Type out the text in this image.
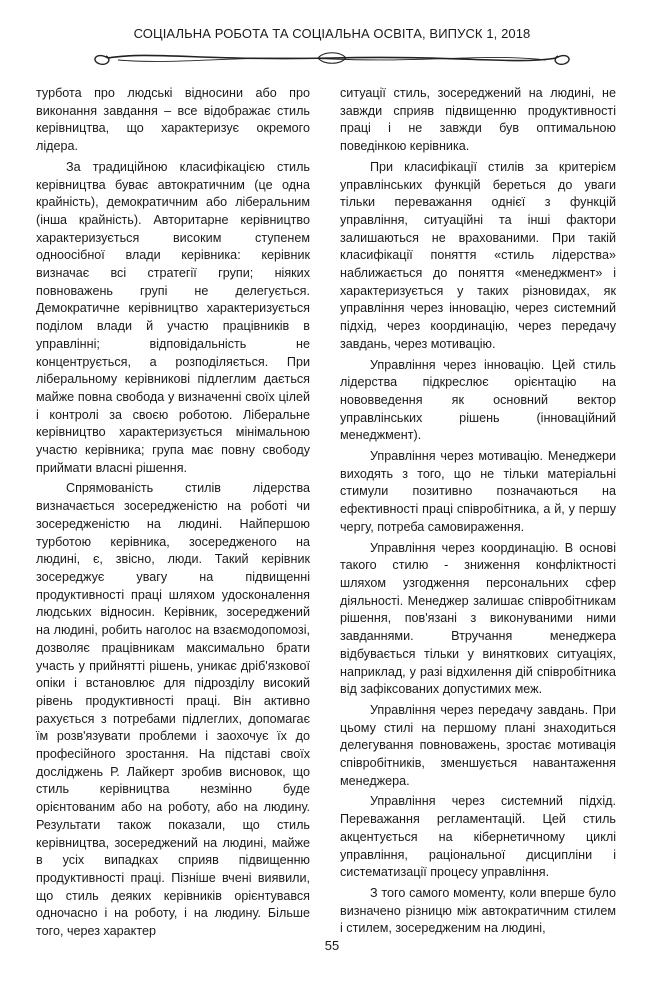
СОЦІАЛЬНА РОБОТА ТА СОЦІАЛЬНА ОСВІТА, ВИПУСК 1, 2018

турбота про людські відносини або про виконання завдання – все відображає стиль керівництва, що характеризує окремого лідера.

За традиційною класифікацією стиль керівництва буває автократичним (це одна крайність), демократичним або ліберальним (інша крайність). Авторитарне керівництво характеризується високим ступенем одноосібної влади керівника: керівник визначає всі стратегії групи; ніяких повноважень групі не делегується. Демократичне керівництво характеризується поділом влади й участю працівників в управлінні; відповідальність не концентрується, а розподіляється. При ліберальному керівникові підлеглим дається майже повна свобода у визначенні своїх цілей і контролі за своєю роботою. Ліберальне керівництво характеризується мінімальною участю керівника; група має повну свободу приймати власні рішення.

Спрямованість стилів лідерства визначається зосередженістю на роботі чи зосередженістю на людині. Найпершою турботою керівника, зосередженого на людині, є, звісно, люди. Такий керівник зосереджує увагу на підвищенні продуктивності праці шляхом удосконалення людських відносин. Керівник, зосереджений на людині, робить наголос на взаємодопомозі, дозволяє працівникам максимально брати участь у прийнятті рішень, уникає дріб'язкової опіки і встановлює для підрозділу високий рівень продуктивності праці. Він активно рахується з потребами підлеглих, допомагає їм розв'язувати проблеми і заохочує їх до професійного зростання. На підставі своїх досліджень Р. Лайкерт зробив висновок, що стиль керівництва незмінно буде орієнтованим або на роботу, або на людину. Результати також показали, що стиль керівництва, зосереджений на людині, майже в усіх випадках сприяв підвищенню продуктивності праці. Пізніше вчені виявили, що стиль деяких керівників орієнтувався одночасно і на роботу, і на людину. Більше того, через характер

ситуації стиль, зосереджений на людині, не завжди сприяв підвищенню продуктивності праці і не завжди був оптимальною поведінкою керівника.

При класифікації стилів за критерієм управлінських функцій береться до уваги тільки переважання однієї з функцій управління, ситуаційні та інші фактори залишаються не врахованими. При такій класифікації поняття «стиль лідерства» наближається до поняття «менеджмент» і характеризується у таких різновидах, як управління через інновацію, через системний підхід, через координацію, через передачу завдань, через мотивацію.

Управління через інновацію. Цей стиль лідерства підкреслює орієнтацію на нововведення як основний вектор управлінських рішень (інноваційний менеджмент).

Управління через мотивацію. Менеджери виходять з того, що не тільки матеріальні стимули позитивно позначаються на ефективності праці співробітника, а й, у першу чергу, потреба самовираження.

Управління через координацію. В основі такого стилю - зниження конфліктності шляхом узгодження персональних сфер діяльності. Менеджер залишає співробітникам рішення, пов'язані з виконуваними ними завданнями. Втручання менеджера відбувається тільки у виняткових ситуаціях, наприклад, у разі відхилення дій співробітника від зафіксованих допустимих меж.

Управління через передачу завдань. При цьому стилі на першому плані знаходиться делегування повноважень, зростає мотивація співробітників, зменшується навантаження менеджера.

Управління через системний підхід. Переважання регламентацій. Цей стиль акцентується на кібернетичному циклі управління, раціональної дисципліни і систематизації процесу управління.

З того самого моменту, коли вперше було визначено різницю між автократичним стилем і стилем, зосередженим на людині,

55
